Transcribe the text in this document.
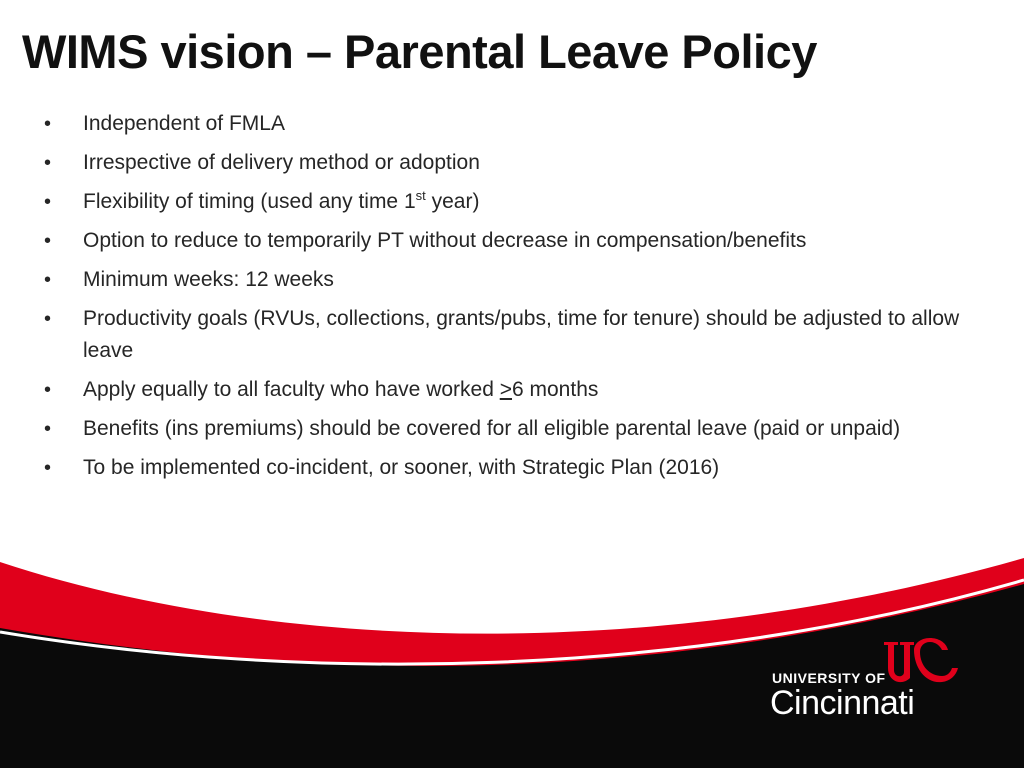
WIMS vision – Parental Leave Policy
• Independent of FMLA
• Irrespective of delivery method or adoption
• Flexibility of timing (used any time 1st year)
• Option to reduce to temporarily PT without decrease in compensation/benefits
• Minimum weeks: 12 weeks
• Productivity goals (RVUs, collections, grants/pubs, time for tenure) should be adjusted to allow leave
• Apply equally to all faculty who have worked >6 months
• Benefits (ins premiums) should be covered for all eligible parental leave (paid or unpaid)
• To be implemented co-incident, or sooner, with Strategic Plan (2016)
UNIVERSITY OF
Cincinnati
